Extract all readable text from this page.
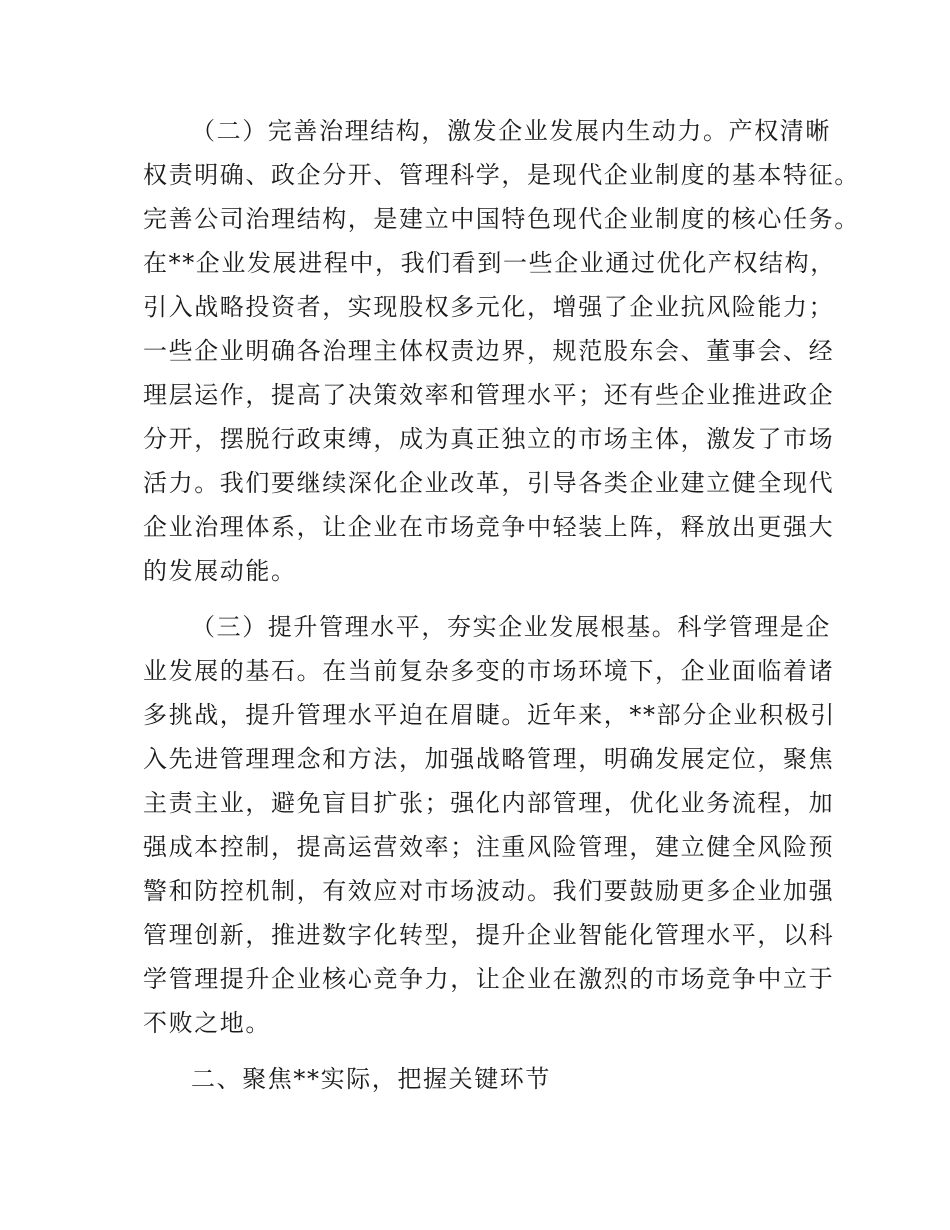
（二）完善治理结构，激发企业发展内生动力。产权清晰
权责明确、政企分开、管理科学，是现代企业制度的基本特征。
完善公司治理结构，是建立中国特色现代企业制度的核心任务。
在**企业发展进程中，我们看到一些企业通过优化产权结构，
引入战略投资者，实现股权多元化，增强了企业抗风险能力；
一些企业明确各治理主体权责边界，规范股东会、董事会、经
理层运作，提高了决策效率和管理水平；还有些企业推进政企
分开，摆脱行政束缚，成为真正独立的市场主体，激发了市场
活力。我们要继续深化企业改革，引导各类企业建立健全现代
企业治理体系，让企业在市场竞争中轻装上阵，释放出更强大
的发展动能。
（三）提升管理水平，夯实企业发展根基。科学管理是企
业发展的基石。在当前复杂多变的市场环境下，企业面临着诸
多挑战，提升管理水平迫在眉睫。近年来，**部分企业积极引
入先进管理理念和方法，加强战略管理，明确发展定位，聚焦
主责主业，避免盲目扩张；强化内部管理，优化业务流程，加
强成本控制，提高运营效率；注重风险管理，建立健全风险预
警和防控机制，有效应对市场波动。我们要鼓励更多企业加强
管理创新，推进数字化转型，提升企业智能化管理水平，以科
学管理提升企业核心竞争力，让企业在激烈的市场竞争中立于
不败之地。
二、聚焦**实际，把握关键环节
